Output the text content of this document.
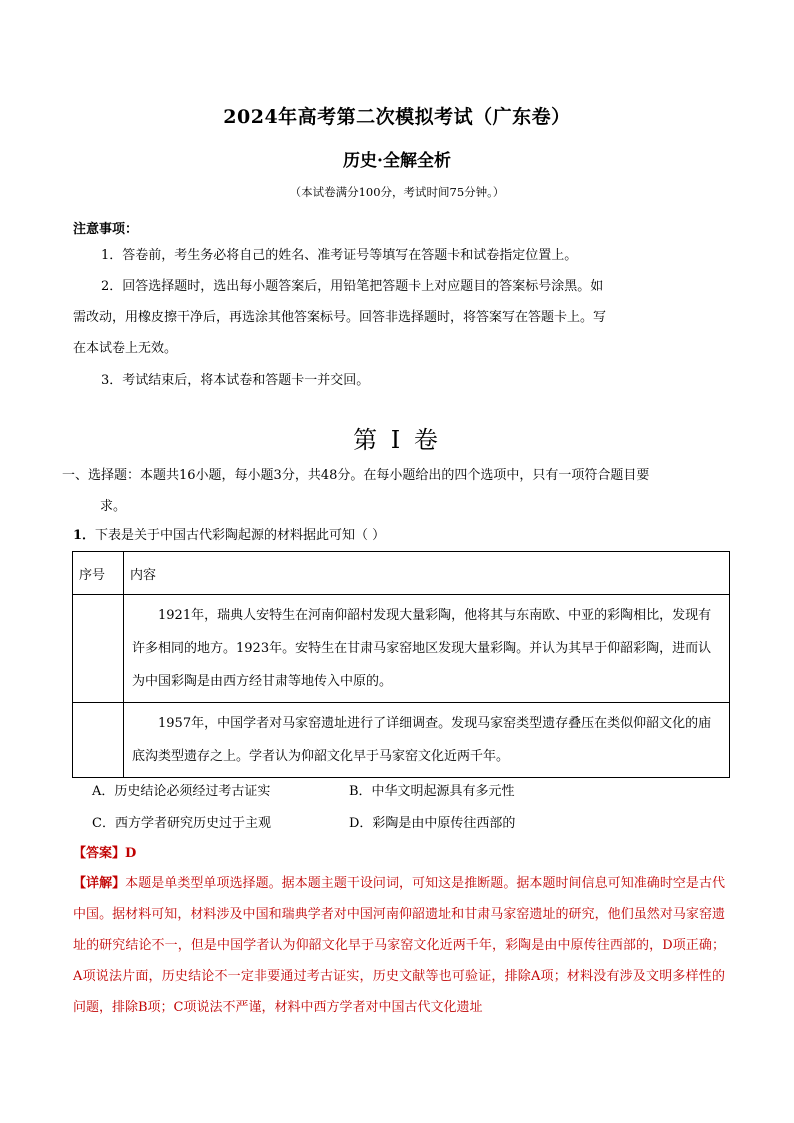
2024年高考第二次模拟考试（广东卷）
历史·全解全析
（本试卷满分100分，考试时间75分钟。）
注意事项：
1．答卷前，考生务必将自己的姓名、准考证号等填写在答题卡和试卷指定位置上。
2．回答选择题时，选出每小题答案后，用铅笔把答题卡上对应题目的答案标号涂黑。如
需改动，用橡皮擦干净后，再选涂其他答案标号。回答非选择题时，将答案写在答题卡上。写
在本试卷上无效。
3．考试结束后，将本试卷和答题卡一并交回。
第 I 卷
一、选择题：本题共16小题，每小题3分，共48分。在每小题给出的四个选项中，只有一项符合题目要
求。
1．下表是关于中国古代彩陶起源的材料据此可知（ ）
序号	内容
	1921年，瑞典人安特生在河南仰韶村发现大量彩陶，他将其与东南欧、中亚的彩陶相比，发现有许多相同的地方。1923年。安特生在甘肃马家窑地区发现大量彩陶。并认为其早于仰韶彩陶，进而认为中国彩陶是由西方经甘肃等地传入中原的。
	1957年，中国学者对马家窑遗址进行了详细调查。发现马家窑类型遗存叠压在类似仰韶文化的庙底沟类型遗存之上。学者认为仰韶文化早于马家窑文化近两千年。
A．历史结论必须经过考古证实	B．中华文明起源具有多元性
C．西方学者研究历史过于主观	D．彩陶是由中原传往西部的
【答案】D
【详解】本题是单类型单项选择题。据本题主题干设问词，可知这是推断题。据本题时间信息可知准确时空是古代中国。据材料可知，材料涉及中国和瑞典学者对中国河南仰韶遗址和甘肃马家窑遗址的研究，他们虽然对马家窑遗址的研究结论不一，但是中国学者认为仰韶文化早于马家窑文化近两千年，彩陶是由中原传往西部的，D项正确；A项说法片面，历史结论不一定非要通过考古证实，历史文献等也可验证，排除A项；材料没有涉及文明多样性的问题，排除B项；C项说法不严谨，材料中西方学者对中国古代文化遗址
